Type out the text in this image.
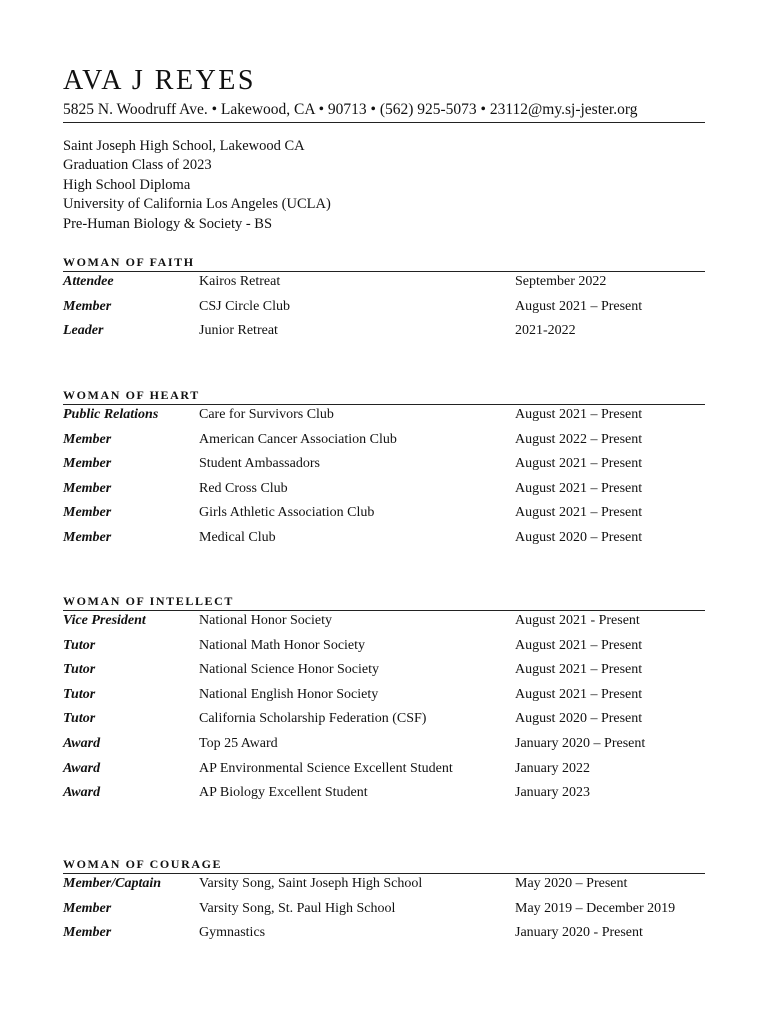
AVA J REYES
5825 N. Woodruff Ave. • Lakewood, CA • 90713 • (562) 925-5073 • 23112@my.sj-jester.org
Saint Joseph High School, Lakewood CA
Graduation Class of 2023
High School Diploma
University of California Los Angeles (UCLA)
Pre-Human Biology & Society - BS
WOMAN OF FAITH
Attendee	Kairos Retreat	September 2022
Member	CSJ Circle Club	August 2021 – Present
Leader	Junior Retreat	2021-2022
WOMAN OF HEART
Public Relations	Care for Survivors Club	August 2021 – Present
Member	American Cancer Association Club	August 2022 – Present
Member	Student Ambassadors	August 2021 – Present
Member	Red Cross Club	August 2021 – Present
Member	Girls Athletic Association Club	August 2021 – Present
Member	Medical Club	August 2020 – Present
WOMAN OF INTELLECT
Vice President	National Honor Society	August 2021 - Present
Tutor	National Math Honor Society	August 2021 – Present
Tutor	National Science Honor Society	August 2021 – Present
Tutor	National English Honor Society	August 2021 – Present
Tutor	California Scholarship Federation (CSF)	August 2020 – Present
Award	Top 25 Award	January 2020 – Present
Award	AP Environmental Science Excellent Student	January 2022
Award	AP Biology Excellent Student	January 2023
WOMAN OF COURAGE
Member/Captain	Varsity Song, Saint Joseph High School	May 2020 – Present
Member	Varsity Song, St. Paul High School	May 2019 – December 2019
Member	Gymnastics	January 2020 - Present
